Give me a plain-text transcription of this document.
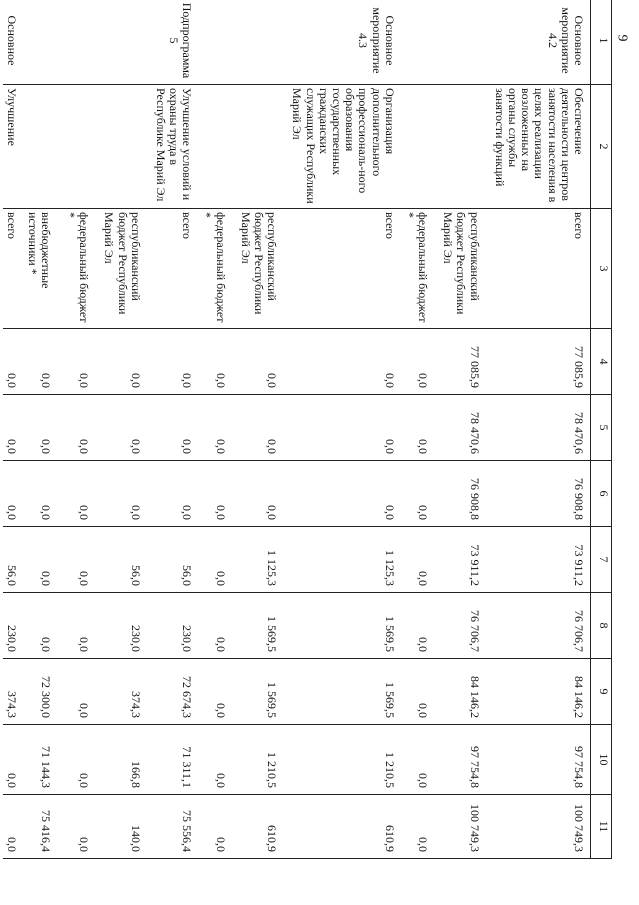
9
1	2	3	4	5	6	7	8	9	10	11
Основное мероприятие 4.2	Обеспечение деятельности центров занятости населения в целях реализации возложенных на органы службы занятости функций	всего	77 085,9	78 470,6	76 908,8	73 911,2	76 706,7	84 146,2	97 754,8	100 749,3
		республиканский бюджет Республики Марий Эл	77 085,9	78 470,6	76 908,8	73 911,2	76 706,7	84 146,2	97 754,8	100 749,3
		федеральный бюджет *	0,0	0,0	0,0	0,0	0,0	0,0	0,0	0,0
Основное мероприятие 4.3	Организация дополнительного профессиональ-ного образования государственных гражданских служащих Республики Марий Эл	всего	0,0	0,0	0,0	1 125,3	1 569,5	1 569,5	1 210,5	610,9
		республиканский бюджет Республики Марий Эл	0,0	0,0	0,0	1 125,3	1 569,5	1 569,5	1 210,5	610,9
		федеральный бюджет *	0,0	0,0	0,0	0,0	0,0	0,0	0,0	0,0
Подпрограмма 5	Улучшение условий и охраны труда в Республике Марий Эл	всего	0,0	0,0	0,0	56,0	230,0	72 674,3	71 311,1	75 556,4
		республиканский бюджет Республики Марий Эл	0,0	0,0	0,0	56,0	230,0	374,3	166,8	140,0
		федеральный бюджет *	0,0	0,0	0,0	0,0	0,0	0,0	0,0	0,0
		внебюджетные источники *	0,0	0,0	0,0	0,0	0,0	72 300,0	71 144,3	75 416,4
Основное	Улучшение	всего	0,0	0,0	0,0	56,0	230,0	374,3	0,0	0,0
